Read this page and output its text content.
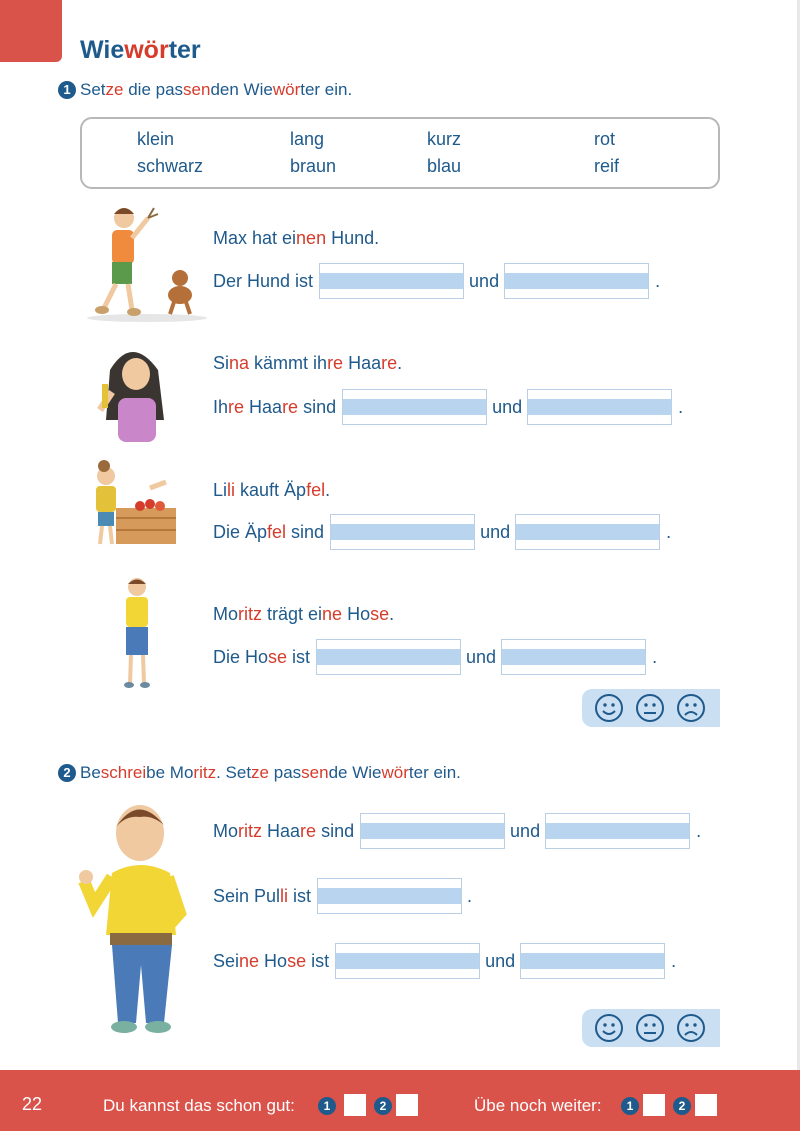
Wiewörter
1 Setze die passenden Wiewörter ein.
klein	lang	kurz	rot
schwarz	braun	blau	reif
Max hat einen Hund.
Der Hund ist	und	.
Sina kämmt ihre Haare.
Ihre Haare sind	und	.
Lili kauft Äpfel.
Die Äpfel sind	und	.
Moritz trägt eine Hose.
Die Hose ist	und	.
Moritz Haare sind	und	.
Sein Pulli ist	.
Seine Hose ist	und	.
2 Beschreibe Moritz. Setze passende Wiewörter ein.
22	Du kannst das schon gut:	1	2	Übe noch weiter:	1	2
